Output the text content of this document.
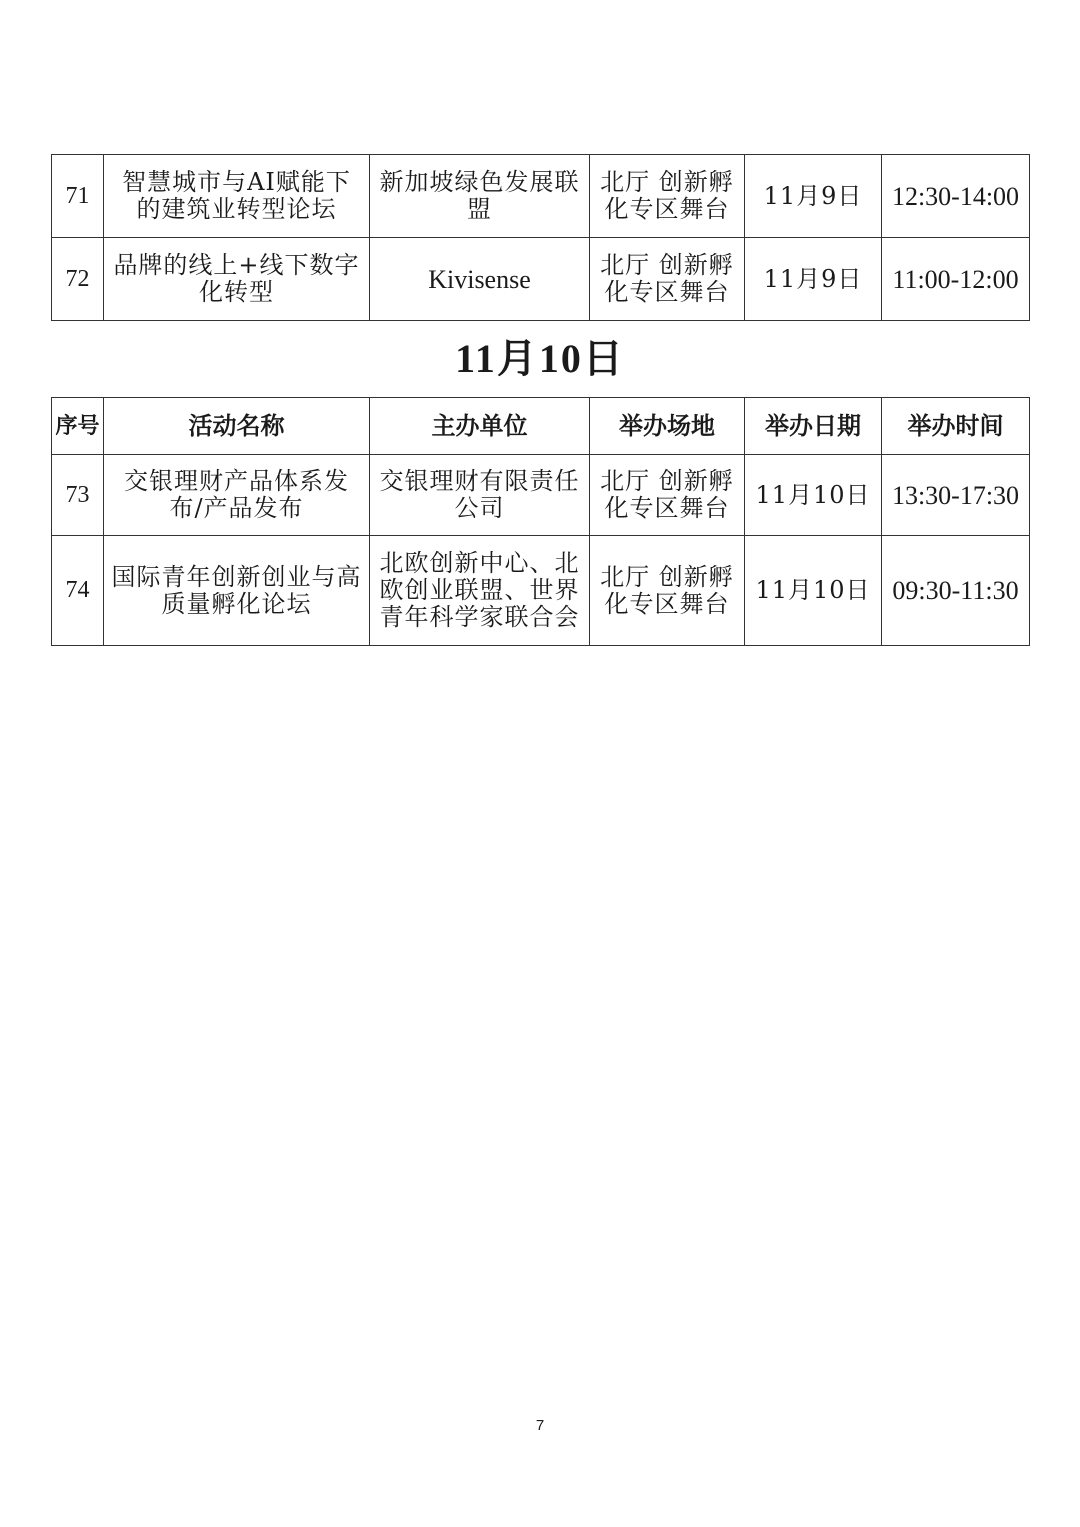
71	智慧城市与AI赋能下的建筑业转型论坛	新加坡绿色发展联盟	北厅 创新孵化专区舞台	11月9日	12:30-14:00
72	品牌的线上+线下数字化转型	Kivisense	北厅 创新孵化专区舞台	11月9日	11:00-12:00
11月10日
序号	活动名称	主办单位	举办场地	举办日期	举办时间
73	交银理财产品体系发布/产品发布	交银理财有限责任公司	北厅 创新孵化专区舞台	11月10日	13:30-17:30
74	国际青年创新创业与高质量孵化论坛	北欧创新中心、北欧创业联盟、世界青年科学家联合会	北厅 创新孵化专区舞台	11月10日	09:30-11:30
7
